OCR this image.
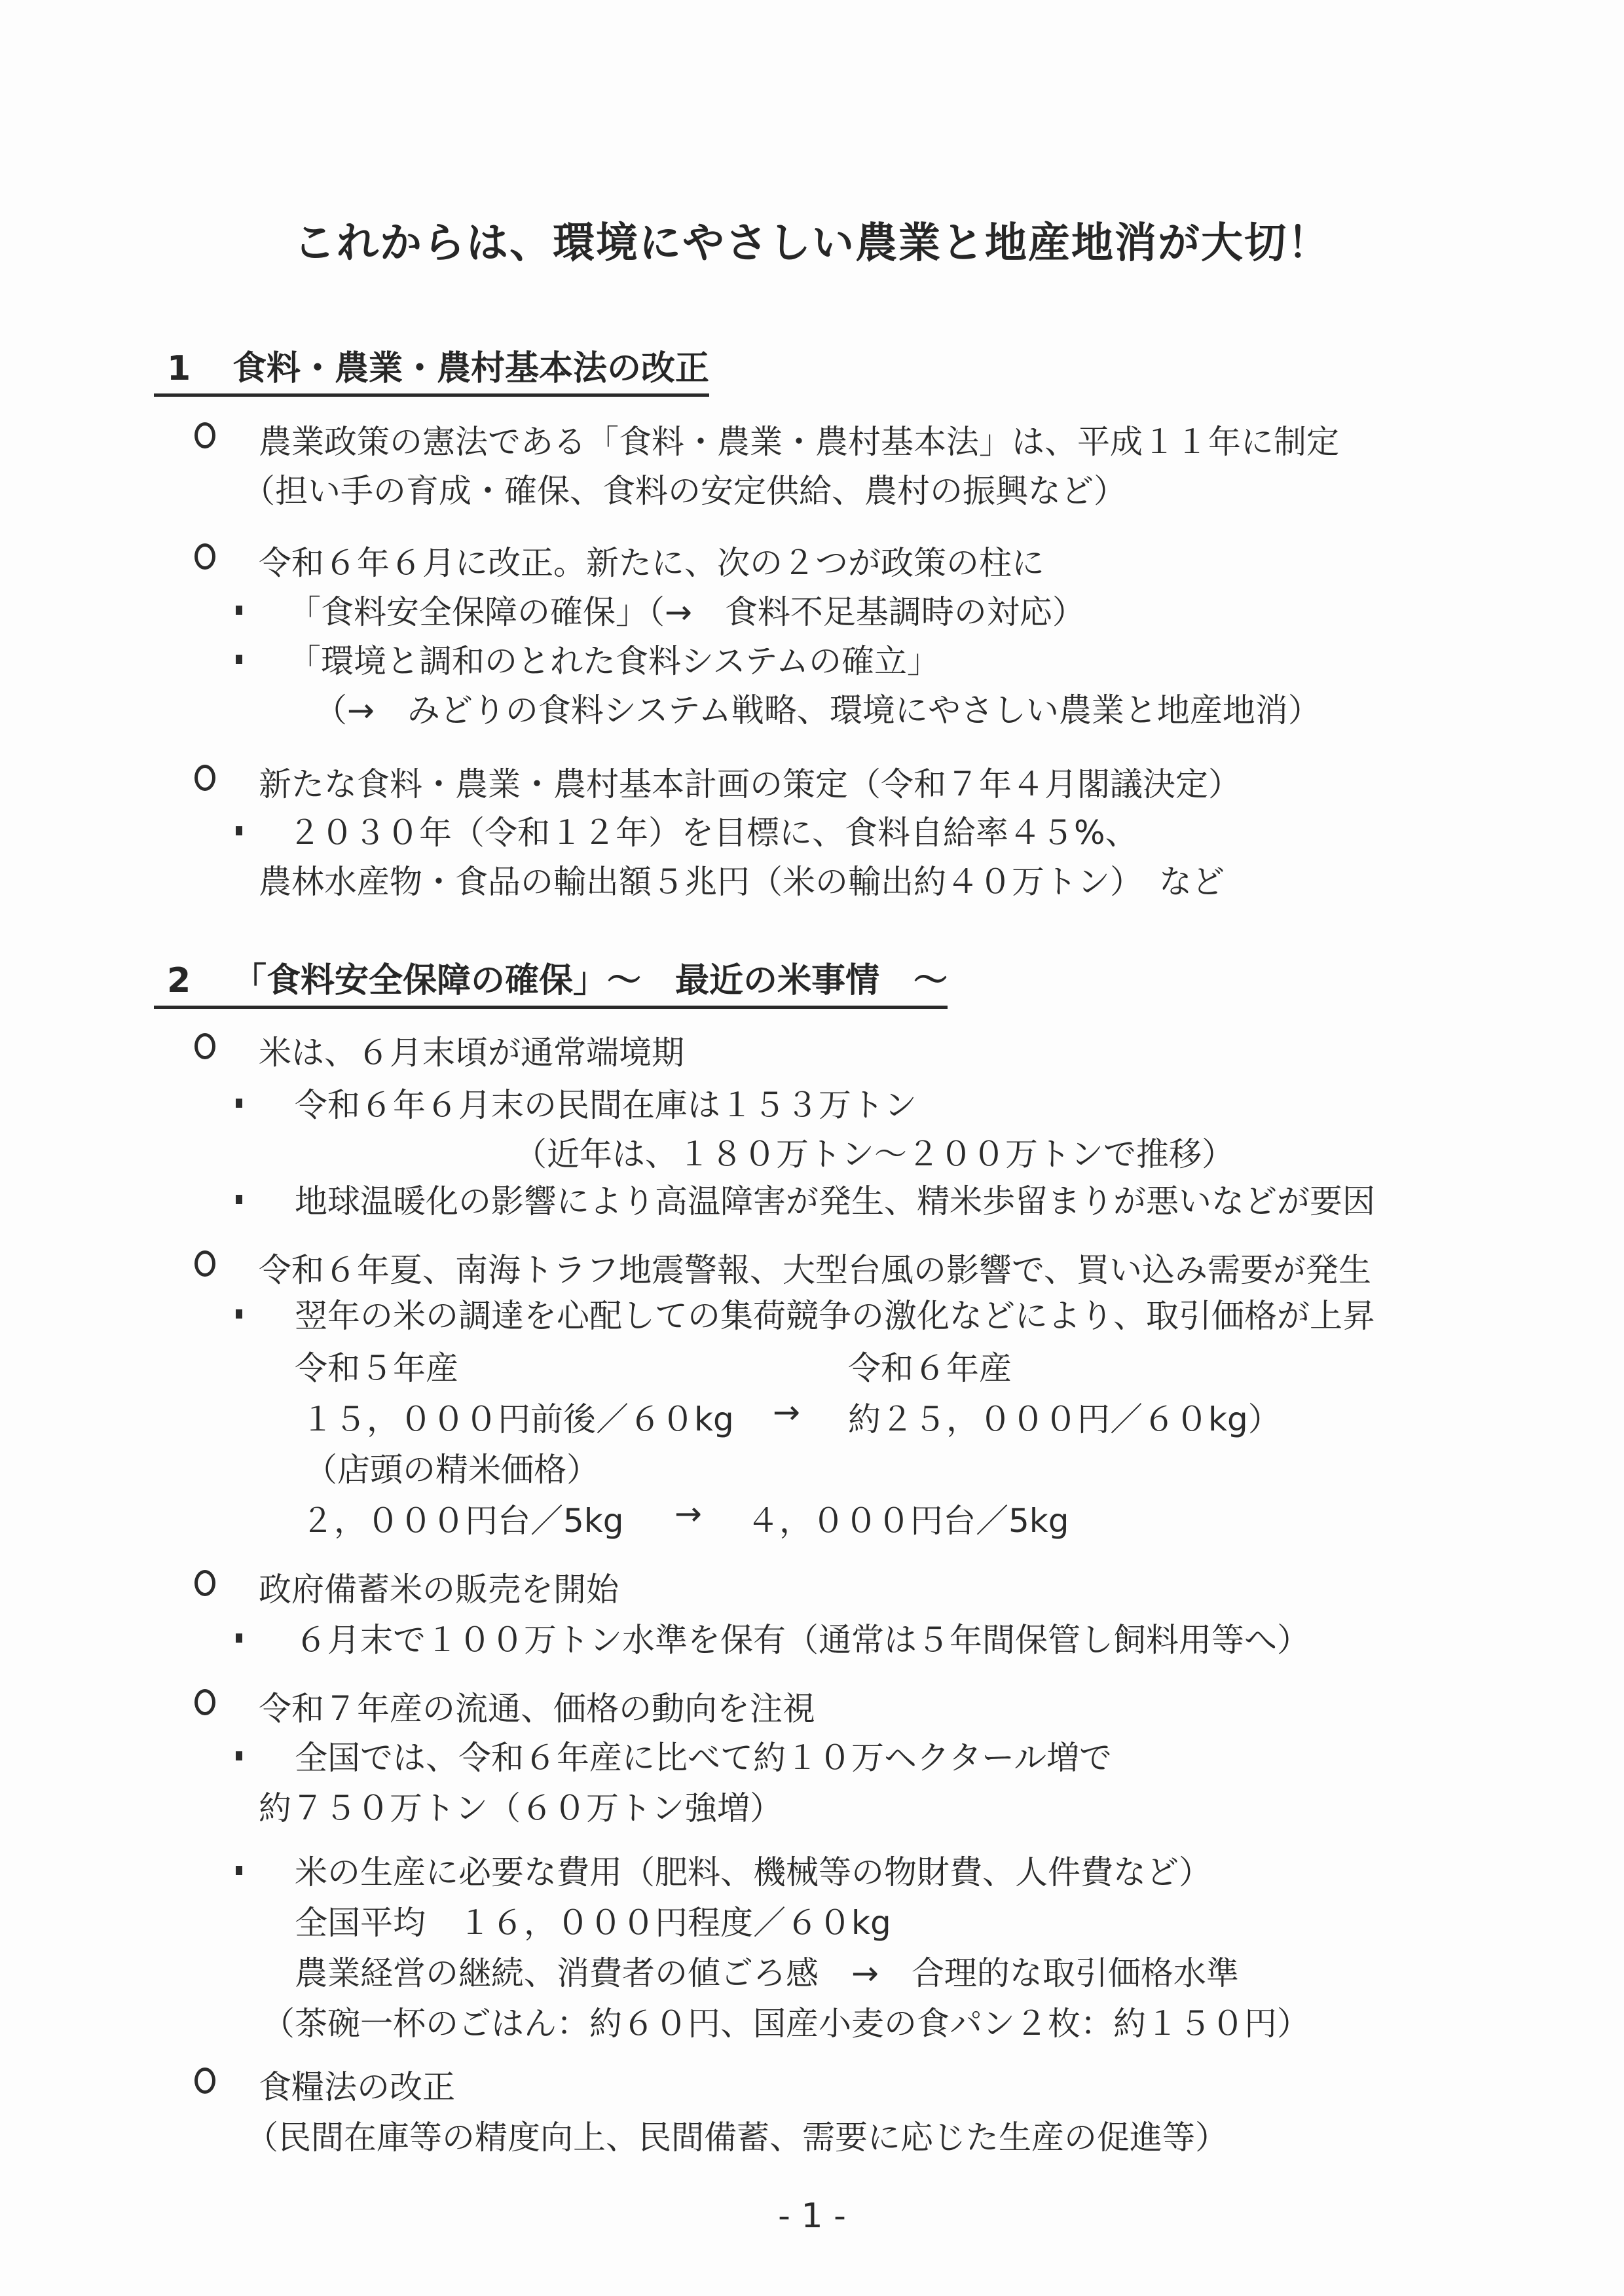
これからは、環境にやさしい農業と地産地消が大切！
1 食料・農業・農村基本法の改正
農業政策の憲法である「食料・農業・農村基本法」は、平成１１年に制定
（担い手の育成・確保、食料の安定供給、農村の振興など）
令和６年６月に改正。新たに、次の２つが政策の柱に
「食料安全保障の確保」（→　食料不足基調時の対応）
「環境と調和のとれた食料システムの確立」
（→　みどりの食料システム戦略、環境にやさしい農業と地産地消）
新たな食料・農業・農村基本計画の策定（令和７年４月閣議決定）
２０３０年（令和１２年）を目標に、食料自給率４５%、
農林水産物・食品の輸出額５兆円（米の輸出約４０万トン）　など
2 「食料安全保障の確保」～　最近の米事情　～
米は、６月末頃が通常端境期
令和６年６月末の民間在庫は１５３万トン
（近年は、１８０万トン～２００万トンで推移）
地球温暖化の影響により高温障害が発生、精米歩留まりが悪いなどが要因
令和６年夏、南海トラフ地震警報、大型台風の影響で、買い込み需要が発生
翌年の米の調達を心配しての集荷競争の激化などにより、取引価格が上昇
令和５年産	令和６年産
１５，０００円前後／６０kg → 約２５，０００円／６０kg）
（店頭の精米価格）
２，０００円台／5kg → ４，０００円台／5kg
政府備蓄米の販売を開始
６月末で１００万トン水準を保有（通常は５年間保管し飼料用等へ）
令和７年産の流通、価格の動向を注視
全国では、令和６年産に比べて約１０万ヘクタール増で
約７５０万トン（６０万トン強増）
米の生産に必要な費用（肥料、機械等の物財費、人件費など）
全国平均　１６，０００円程度／６０kg
農業経営の継続、消費者の値ごろ感　→　合理的な取引価格水準
（茶碗一杯のごはん：約６０円、国産小麦の食パン２枚：約１５０円）
食糧法の改正
（民間在庫等の精度向上、民間備蓄、需要に応じた生産の促進等）
- 1 -
